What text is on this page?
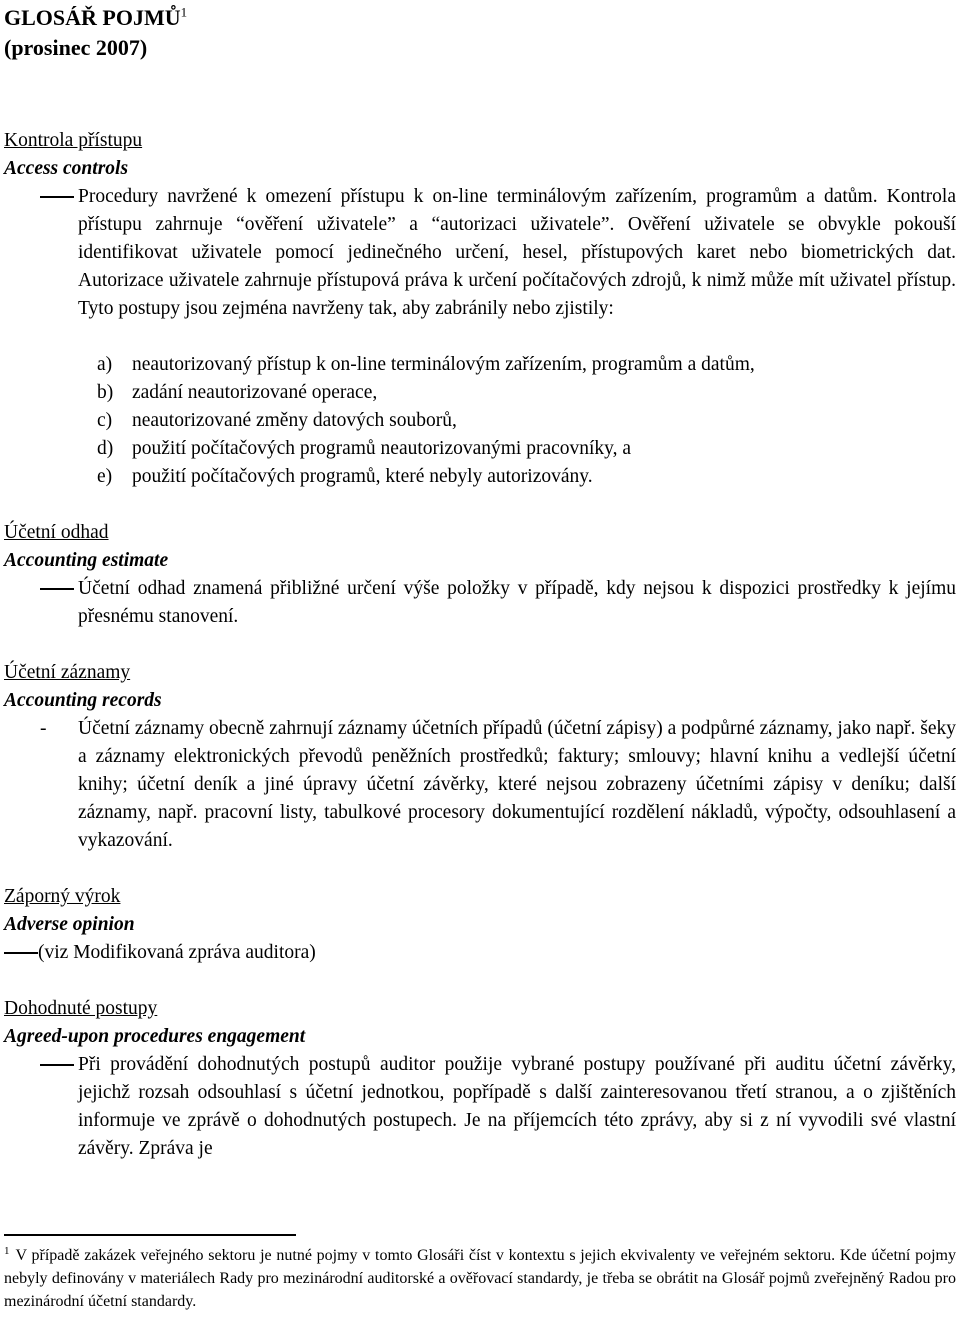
GLOSÁŘ POJMŮ$^1$
(prosinec 2007)
Kontrola přístupu
Access controls
Procedury navržené k omezení přístupu k on-line terminálovým zařízením, programům a datům. Kontrola přístupu zahrnuje “ověření uživatele” a “autorizaci uživatele”. Ověření uživatele se obvykle pokouší identifikovat uživatele pomocí jedinečného určení, hesel, přístupových karet nebo biometrických dat. Autorizace uživatele zahrnuje přístupová práva k určení počítačových zdrojů, k nimž může mít uživatel přístup. Tyto postupy jsou zejména navrženy tak, aby zabránily nebo zjistily:
a) neautorizovaný přístup k on-line terminálovým zařízením, programům a datům,
b) zadání neautorizované operace,
c) neautorizované změny datových souborů,
d) použití počítačových programů neautorizovanými pracovníky, a
e) použití počítačových programů, které nebyly autorizovány.
Účetní odhad
Accounting estimate
Účetní odhad znamená přibližné určení výše položky v případě, kdy nejsou k dispozici prostředky k jejímu přesnému stanovení.
Účetní záznamy
Accounting records
- Účetní záznamy obecně zahrnují záznamy účetních případů (účetní zápisy) a podpůrné záznamy, jako např. šeky a záznamy elektronických převodů peněžních prostředků; faktury; smlouvy; hlavní knihu a vedlejší účetní knihy; účetní deník a jiné úpravy účetní závěrky, které nejsou zobrazeny účetními zápisy v deníku; další záznamy, např. pracovní listy, tabulkové procesory dokumentující rozdělení nákladů, výpočty, odsouhlasení a vykazování.
Záporný výrok
Adverse opinion
(viz Modifikovaná zpráva auditora)
Dohodnuté postupy
Agreed-upon procedures engagement
Při provádění dohodnutých postupů auditor použije vybrané postupy používané při auditu účetní závěrky, jejichž rozsah odsouhlasí s účetní jednotkou, popřípadě s další zainteresovanou třetí stranou, a o zjištěních informuje ve zprávě o dohodnutých postupech. Je na příjemcích této zprávy, aby si z ní vyvodili své vlastní závěry. Zpráva je
$^1$ V případě zakázek veřejného sektoru je nutné pojmy v tomto Glosáři číst v kontextu s jejich ekvivalenty ve veřejném sektoru. Kde účetní pojmy nebyly definovány v materiálech Rady pro mezinárodní auditorské a ověřovací standardy, je třeba se obrátit na Glosář pojmů zveřejněný Radou pro mezinárodní účetní standardy.
